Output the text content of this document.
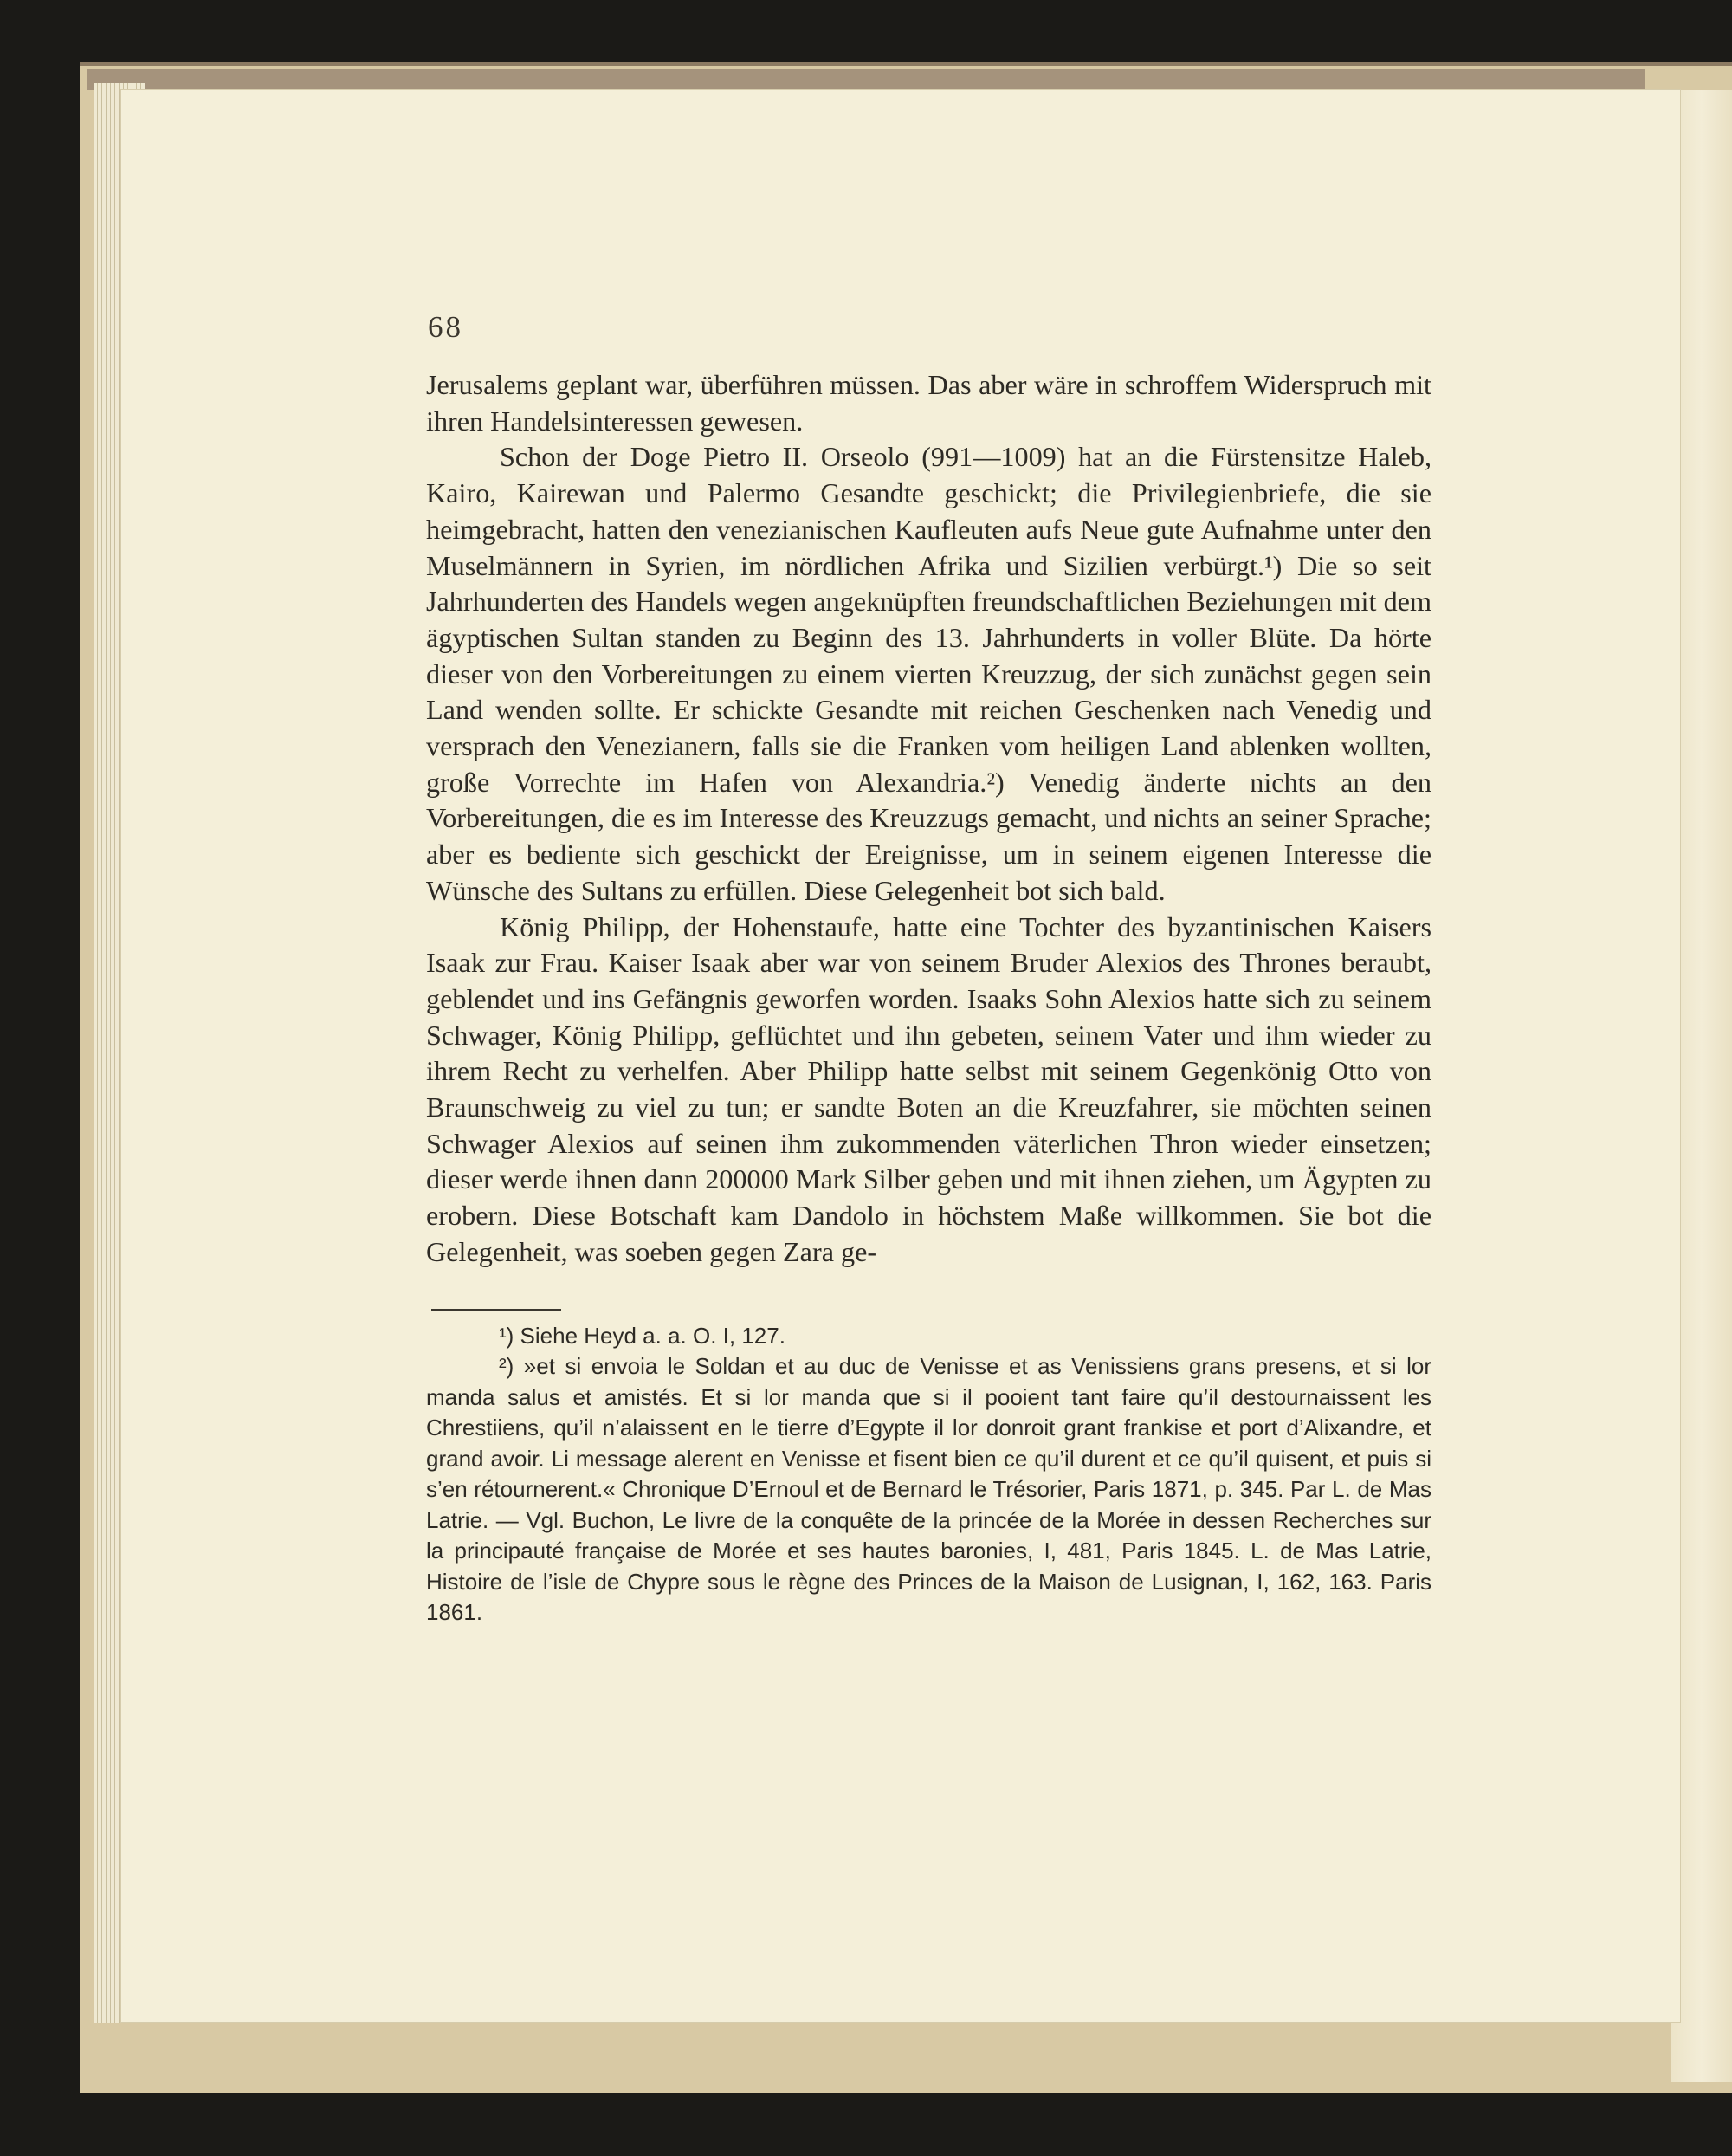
68

Jerusalems geplant war, überführen müssen. Das aber wäre in schroffem Widerspruch mit ihren Handelsinteressen gewesen.

Schon der Doge Pietro II. Orseolo (991—1009) hat an die Fürstensitze Haleb, Kairo, Kairewan und Palermo Gesandte geschickt; die Privilegienbriefe, die sie heimgebracht, hatten den venezianischen Kaufleuten aufs Neue gute Aufnahme unter den Muselmännern in Syrien, im nördlichen Afrika und Sizilien verbürgt.¹) Die so seit Jahrhunderten des Handels wegen angeknüpften freundschaftlichen Beziehungen mit dem ägyptischen Sultan standen zu Beginn des 13. Jahrhunderts in voller Blüte. Da hörte dieser von den Vorbereitungen zu einem vierten Kreuzzug, der sich zunächst gegen sein Land wenden sollte. Er schickte Gesandte mit reichen Geschenken nach Venedig und versprach den Venezianern, falls sie die Franken vom heiligen Land ablenken wollten, große Vorrechte im Hafen von Alexandria.²) Venedig änderte nichts an den Vorbereitungen, die es im Interesse des Kreuzzugs gemacht, und nichts an seiner Sprache; aber es bediente sich geschickt der Ereignisse, um in seinem eigenen Interesse die Wünsche des Sultans zu erfüllen. Diese Gelegenheit bot sich bald.

König Philipp, der Hohenstaufe, hatte eine Tochter des byzantinischen Kaisers Isaak zur Frau. Kaiser Isaak aber war von seinem Bruder Alexios des Thrones beraubt, geblendet und ins Gefängnis geworfen worden. Isaaks Sohn Alexios hatte sich zu seinem Schwager, König Philipp, geflüchtet und ihn gebeten, seinem Vater und ihm wieder zu ihrem Recht zu verhelfen. Aber Philipp hatte selbst mit seinem Gegenkönig Otto von Braunschweig zu viel zu tun; er sandte Boten an die Kreuzfahrer, sie möchten seinen Schwager Alexios auf seinen ihm zukommenden väterlichen Thron wieder einsetzen; dieser werde ihnen dann 200000 Mark Silber geben und mit ihnen ziehen, um Ägypten zu erobern. Diese Botschaft kam Dandolo in höchstem Maße willkommen. Sie bot die Gelegenheit, was soeben gegen Zara ge-

¹) Siehe Heyd a. a. O. I, 127.

²) »et si envoia le Soldan et au duc de Venisse et as Venissiens grans presens, et si lor manda salus et amistés. Et si lor manda que si il pooient tant faire qu’il destournaissent les Chrestiiens, qu’il n’alaissent en le tierre d’Egypte il lor donroit grant frankise et port d’Alixandre, et grand avoir. Li message alerent en Venisse et fisent bien ce qu’il durent et ce qu’il quisent, et puis si s’en rétournerent.« Chronique D’Ernoul et de Bernard le Trésorier, Paris 1871, p. 345. Par L. de Mas Latrie. — Vgl. Buchon, Le livre de la conquête de la princée de la Morée in dessen Recherches sur la principauté française de Morée et ses hautes baronies, I, 481, Paris 1845. L. de Mas Latrie, Histoire de l’isle de Chypre sous le règne des Princes de la Maison de Lusignan, I, 162, 163. Paris 1861.
